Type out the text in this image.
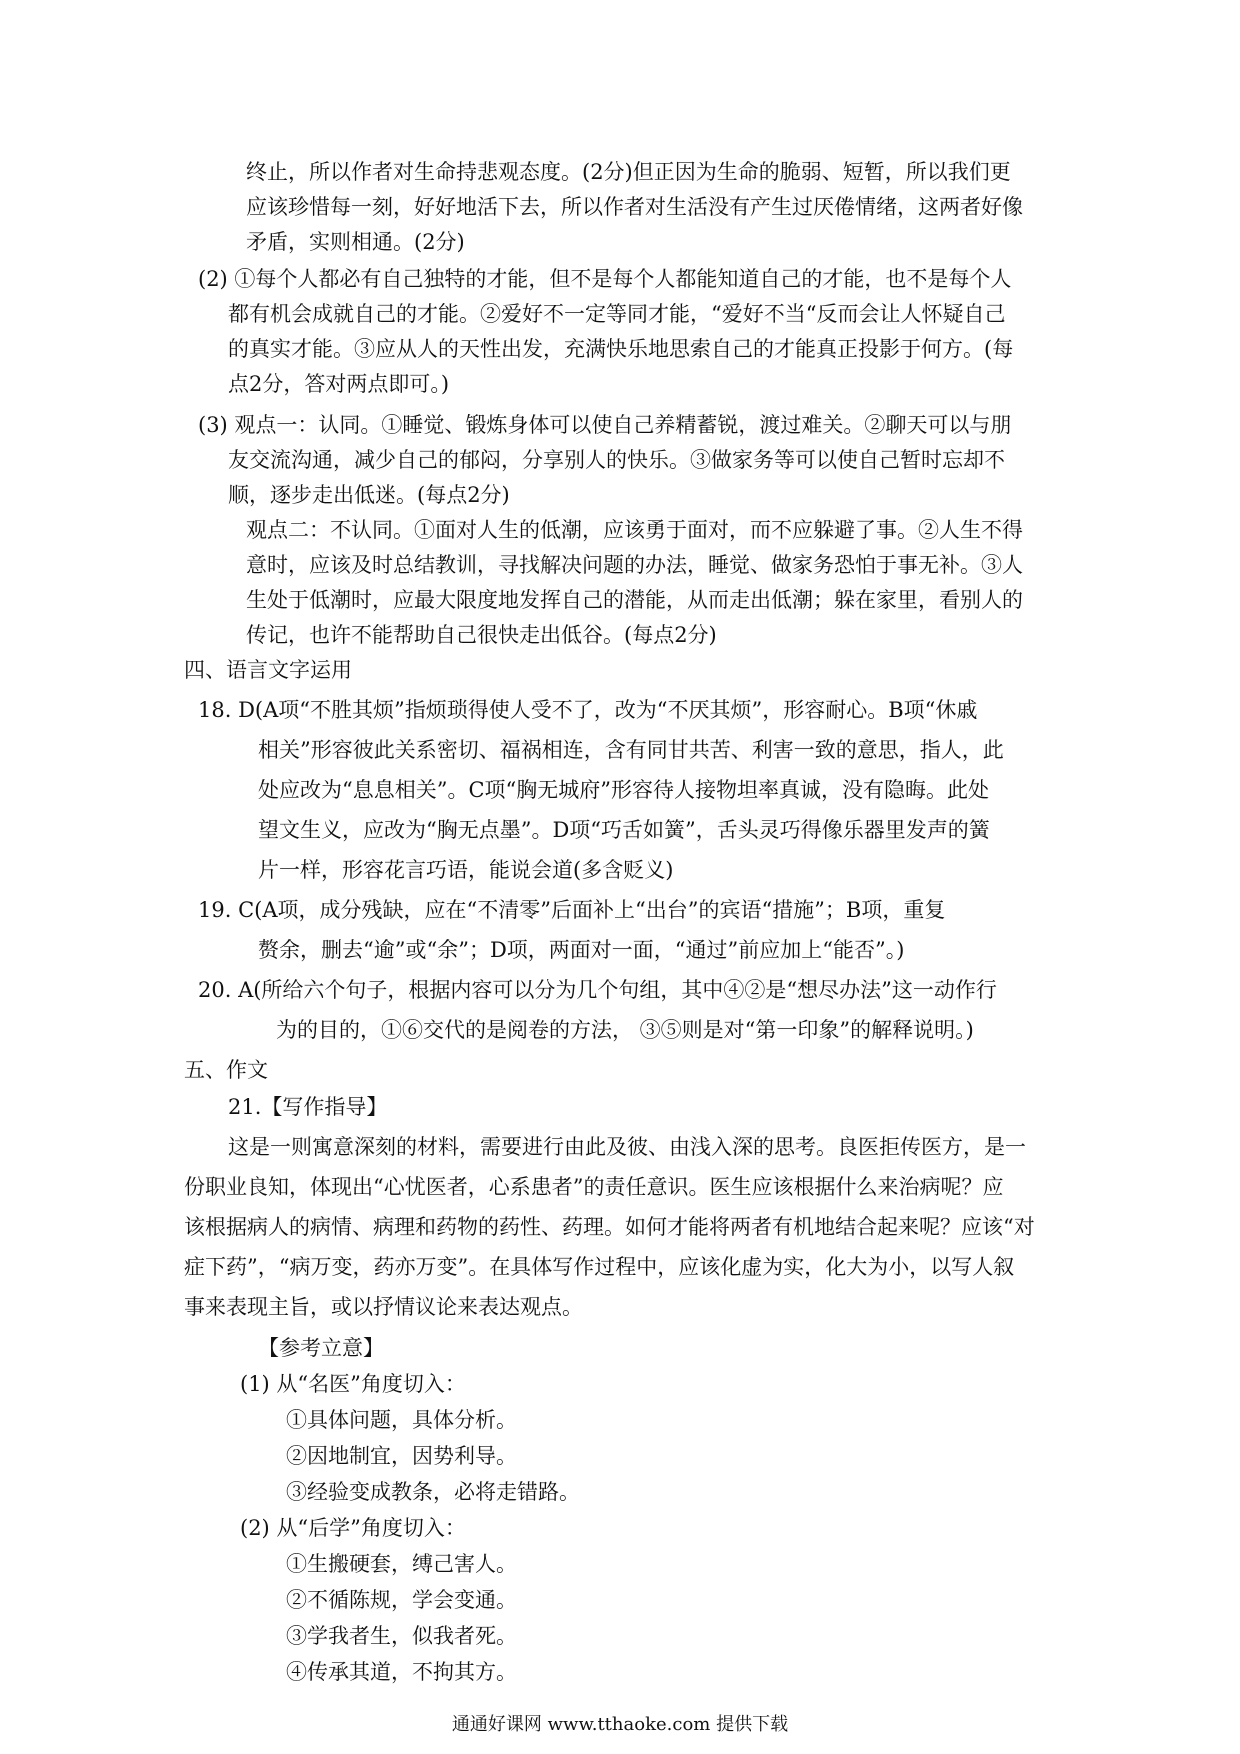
终止，所以作者对生命持悲观态度。(2分)但正因为生命的脆弱、短暂，所以我们更
应该珍惜每一刻，好好地活下去，所以作者对生活没有产生过厌倦情绪，这两者好像
矛盾，实则相通。(2分)
(2) ①每个人都必有自己独特的才能，但不是每个人都能知道自己的才能，也不是每个人
都有机会成就自己的才能。②爱好不一定等同才能，“爱好不当“反而会让人怀疑自己
的真实才能。③应从人的天性出发，充满快乐地思索自己的才能真正投影于何方。(每
点2分，答对两点即可。)
(3) 观点一：认同。①睡觉、锻炼身体可以使自己养精蓄锐，渡过难关。②聊天可以与朋
友交流沟通，减少自己的郁闷，分享别人的快乐。③做家务等可以使自己暂时忘却不
顺，逐步走出低迷。(每点2分)
观点二：不认同。①面对人生的低潮，应该勇于面对，而不应躲避了事。②人生不得
意时，应该及时总结教训，寻找解决问题的办法，睡觉、做家务恐怕于事无补。③人
生处于低潮时，应最大限度地发挥自己的潜能，从而走出低潮；躲在家里，看别人的
传记，也许不能帮助自己很快走出低谷。(每点2分)
四、语言文字运用
18. D(A项“不胜其烦”指烦琐得使人受不了，改为“不厌其烦”，形容耐心。B项“休戚
相关”形容彼此关系密切、福祸相连，含有同甘共苦、利害一致的意思，指人，此
处应改为“息息相关”。C项“胸无城府”形容待人接物坦率真诚，没有隐晦。此处
望文生义，应改为“胸无点墨”。D项“巧舌如簧”，舌头灵巧得像乐器里发声的簧
片一样，形容花言巧语，能说会道(多含贬义)
19. C(A项，成分残缺，应在“不清零”后面补上“出台”的宾语“措施”；B项，重复
赘余，删去“逾”或“余”；D项，两面对一面，“通过”前应加上“能否”。)
20. A(所给六个句子，根据内容可以分为几个句组，其中④②是“想尽办法”这一动作行
为的目的，①⑥交代的是阅卷的方法， ③⑤则是对“第一印象”的解释说明。)
五、作文
21.【写作指导】
这是一则寓意深刻的材料，需要进行由此及彼、由浅入深的思考。良医拒传医方，是一
份职业良知，体现出“心忧医者，心系患者”的责任意识。医生应该根据什么来治病呢？应
该根据病人的病情、病理和药物的药性、药理。如何才能将两者有机地结合起来呢？应该“对
症下药”，“病万变，药亦万变”。在具体写作过程中，应该化虚为实，化大为小，以写人叙
事来表现主旨，或以抒情议论来表达观点。
【参考立意】
(1) 从“名医”角度切入：
①具体问题，具体分析。
②因地制宜，因势利导。
③经验变成教条，必将走错路。
(2) 从“后学”角度切入：
①生搬硬套，缚己害人。
②不循陈规，学会变通。
③学我者生，似我者死。
④传承其道，不拘其方。
通通好课网 www.tthaoke.com 提供下载
